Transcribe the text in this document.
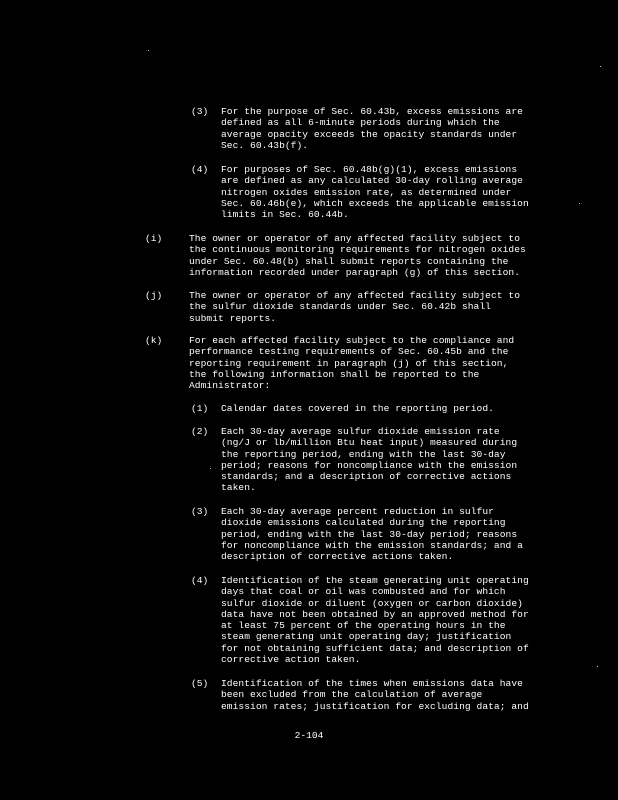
(3) For the purpose of Sec. 60.43b, excess emissions are
defined as all 6-minute periods during which the
average opacity exceeds the opacity standards under
Sec. 60.43b(f).
(4) For purposes of Sec. 60.48b(g)(1), excess emissions
are defined as any calculated 30-day rolling average
nitrogen oxides emission rate, as determined under
Sec. 60.46b(e), which exceeds the applicable emission
limits in Sec. 60.44b.
(i)	The owner or operator of any affected facility subject to
the continuous monitoring requirements for nitrogen oxides
under Sec. 60.48(b) shall submit reports containing the
information recorded under paragraph (g) of this section.
(j)	The owner or operator of any affected facility subject to
the sulfur dioxide standards under Sec. 60.42b shall
submit reports.
(k)	For each affected facility subject to the compliance and
performance testing requirements of Sec. 60.45b and the
reporting requirement in paragraph (j) of this section,
the following information shall be reported to the
Administrator:
(1) Calendar dates covered in the reporting period.
(2) Each 30-day average sulfur dioxide emission rate
(ng/J or lb/million Btu heat input) measured during
the reporting period, ending with the last 30-day
period; reasons for noncompliance with the emission
standards; and a description of corrective actions
taken.
(3) Each 30-day average percent reduction in sulfur
dioxide emissions calculated during the reporting
period, ending with the last 30-day period; reasons
for noncompliance with the emission standards; and a
description of corrective actions taken.
(4) Identification of the steam generating unit operating
days that coal or oil was combusted and for which
sulfur dioxide or diluent (oxygen or carbon dioxide)
data have not been obtained by an approved method for
at least 75 percent of the operating hours in the
steam generating unit operating day; justification
for not obtaining sufficient data; and description of
corrective action taken.
(5) Identification of the times when emissions data have
been excluded from the calculation of average
emission rates; justification for excluding data; and
2-104
